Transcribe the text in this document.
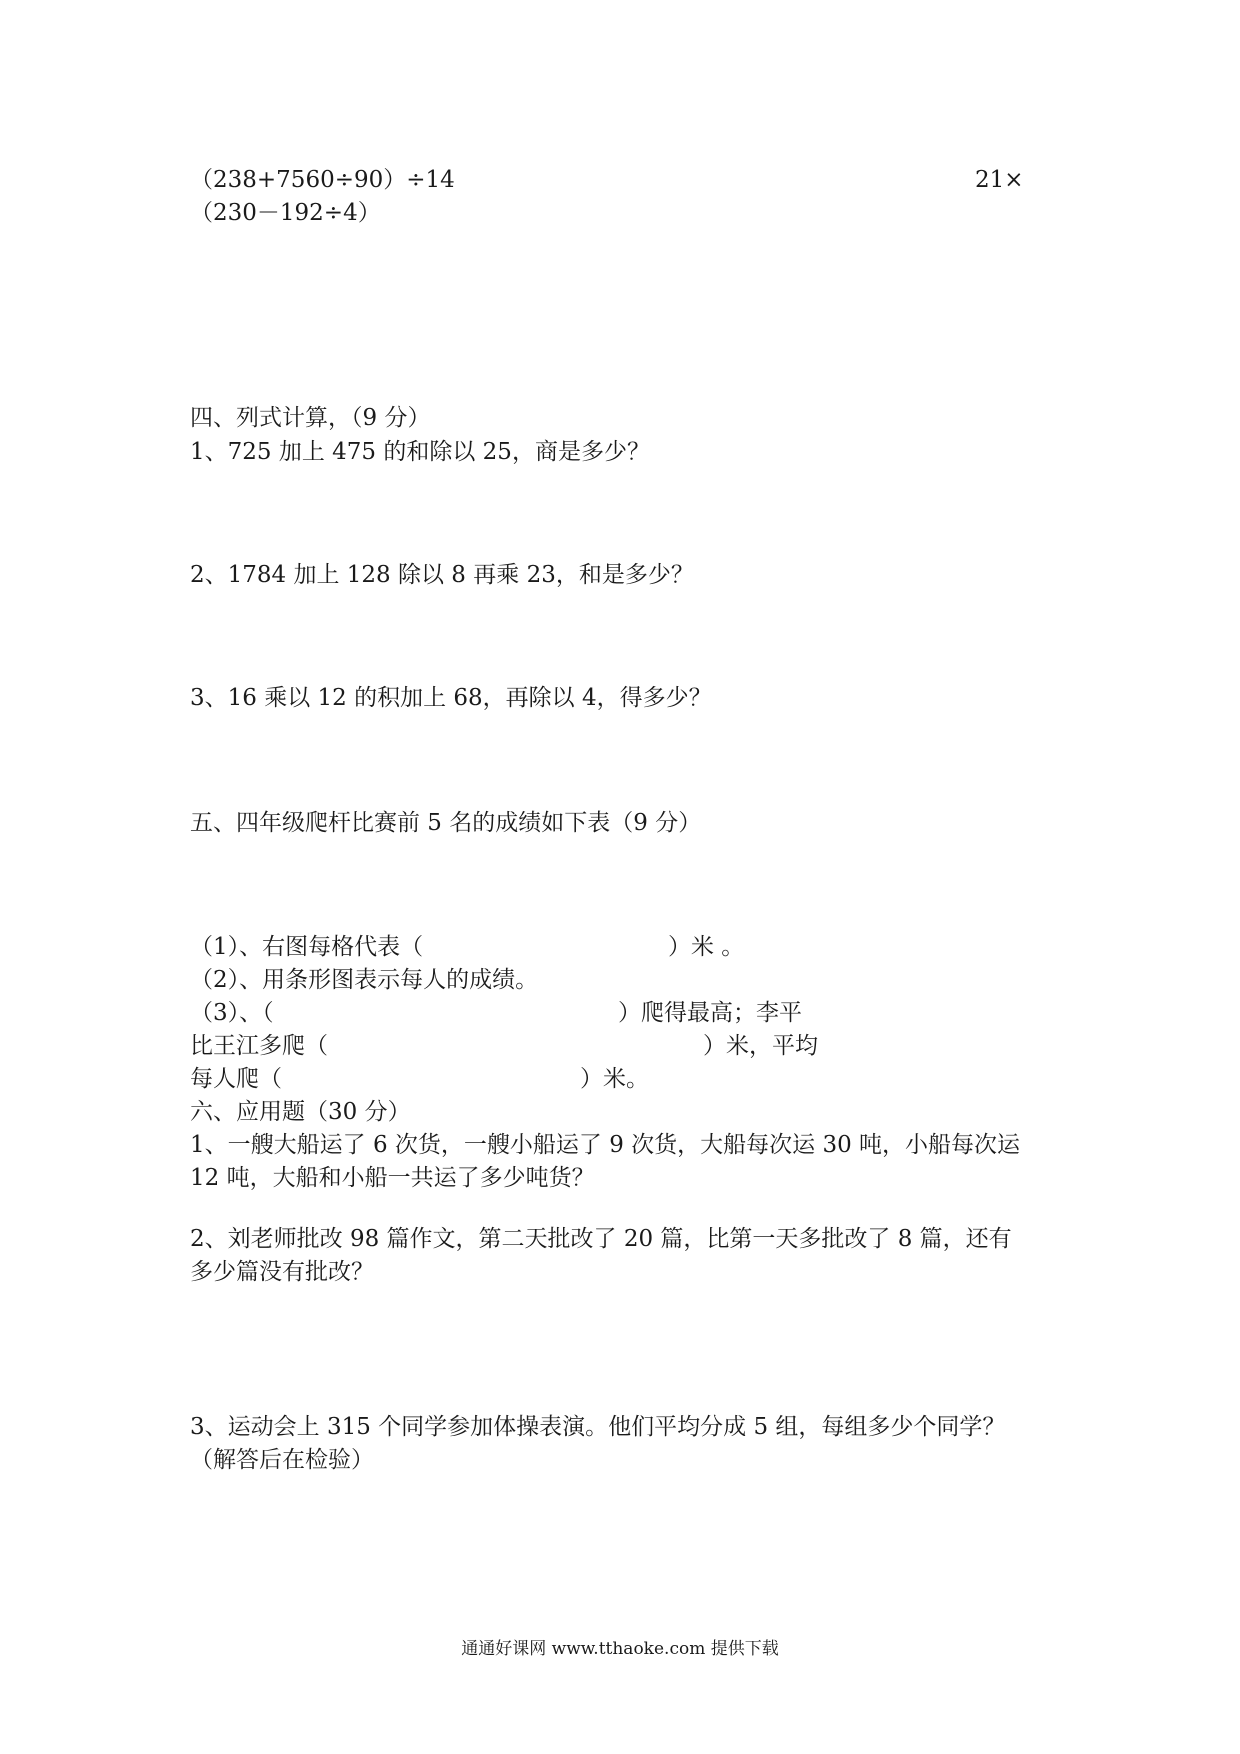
（238+7560÷90）÷14	21×
（230－192÷4）
四、列式计算，（9 分）
1、725 加上 475 的和除以 25，商是多少？
2、1784 加上 128 除以 8 再乘 23，和是多少？
3、16 乘以 12 的积加上 68，再除以 4，得多少？
五、四年级爬杆比赛前 5 名的成绩如下表（9 分）
（1）、右图每格代表（	）米 。
（2）、用条形图表示每人的成绩。
（3）、（	）爬得最高；李平
比王江多爬（	）米，平均
每人爬（	）米。
六、应用题（30 分）
1、一艘大船运了 6 次货，一艘小船运了 9 次货，大船每次运 30 吨，小船每次运
12 吨，大船和小船一共运了多少吨货？
2、刘老师批改 98 篇作文，第二天批改了 20 篇，比第一天多批改了 8 篇，还有
多少篇没有批改？
3、运动会上 315 个同学参加体操表演。他们平均分成 5 组，每组多少个同学？
（解答后在检验）
通通好课网 www.tthaoke.com 提供下载
